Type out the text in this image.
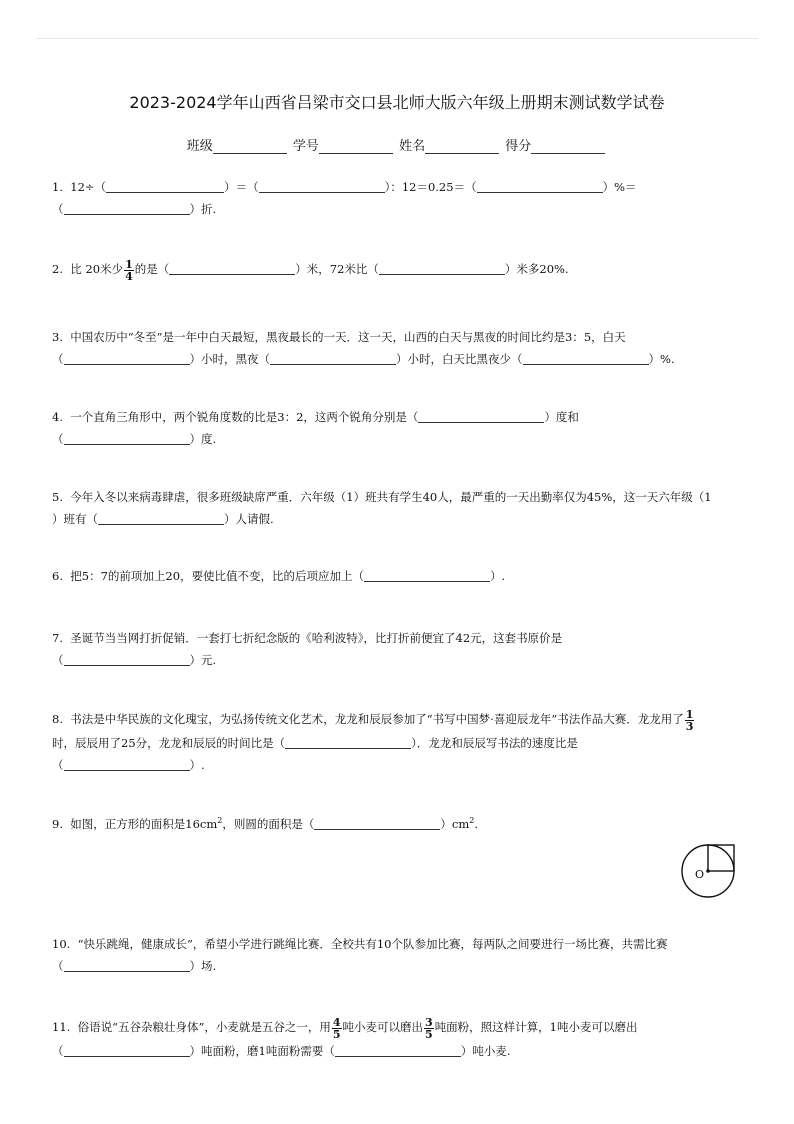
2023-2024学年山西省吕梁市交口县北师大版六年级上册期末测试数学试卷
班级	学号	姓名	得分
1. 12÷（	）＝（	）：12＝0.25＝（	）%＝
（	）折.
2. 比 20米少 $\frac{1}{4}$ 的是（	）米，72米比（	）米多20%.
3. 中国农历中“冬至”是一年中白天最短，黑夜最长的一天．这一天，山西的白天与黑夜的时间比约是3：5，白天
（	）小时，黑夜（	）小时，白天比黑夜少（	）%.
4. 一个直角三角形中，两个锐角度数的比是3：2，这两个锐角分别是（	）度和
（	）度.
5. 今年入冬以来病毒肆虐，很多班级缺席严重．六年级（1）班共有学生40人，最严重的一天出勤率仅为45%，这一天六年级（1
）班有（	）人请假.
6. 把5：7的前项加上20，要使比值不变，比的后项应加上（	）.
7. 圣诞节当当网打折促销．一套打七折纪念版的《哈利波特》，比打折前便宜了42元，这套书原价是
（	）元.
8. 书法是中华民族的文化瑰宝，为弘扬传统文化艺术，龙龙和辰辰参加了“书写中国梦·喜迎辰龙年”书法作品大赛．龙龙用了 $\frac{1}{3}$

时，辰辰用了25分，龙龙和辰辰的时间比是（	）．龙龙和辰辰写书法的速度比是
（	）.
9. 如图，正方形的面积是$16cm^2$，则圆的面积是（	）$cm^2$.
O
10. “快乐跳绳，健康成长”，希望小学进行跳绳比赛．全校共有10个队参加比赛，每两队之间要进行一场比赛，共需比赛
（	）场.
11. 俗语说“五谷杂粮壮身体”，小麦就是五谷之一，用 $\frac{4}{5}$ 吨小麦可以磨出 $\frac{3}{5}$ 吨面粉，照这样计算，1吨小麦可以磨出
（	）吨面粉，磨1吨面粉需要（	）吨小麦.
